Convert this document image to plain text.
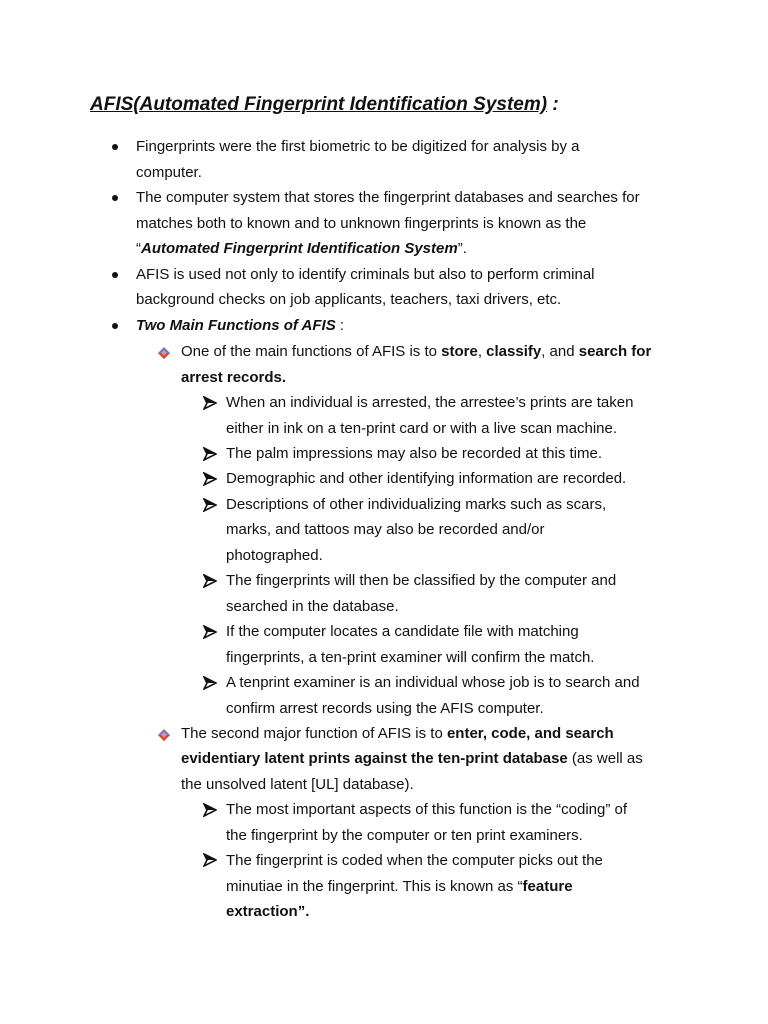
AFIS(Automated Fingerprint Identification System) :
Fingerprints were the first biometric to be digitized for analysis by a
computer.
The computer system that stores the fingerprint databases and searches for
matches both to known and to unknown fingerprints is known as the
“Automated Fingerprint Identification System”.
AFIS is used not only to identify criminals but also to perform criminal
background checks on job applicants, teachers, taxi drivers, etc.
Two Main Functions of AFIS :
One of the main functions of AFIS is to store, classify, and search for
arrest records.
When an individual is arrested, the arrestee’s prints are taken
either in ink on a ten-print card or with a live scan machine.
The palm impressions may also be recorded at this time.
Demographic and other identifying information are recorded.
Descriptions of other individualizing marks such as scars,
marks, and tattoos may also be recorded and/or
photographed.
The fingerprints will then be classified by the computer and
searched in the database.
If the computer locates a candidate file with matching
fingerprints, a ten-print examiner will confirm the match.
A tenprint examiner is an individual whose job is to search and
confirm arrest records using the AFIS computer.
The second major function of AFIS is to enter, code, and search
evidentiary latent prints against the ten-print database (as well as
the unsolved latent [UL] database).
The most important aspects of this function is the “coding” of
the fingerprint by the computer or ten print examiners.
The fingerprint is coded when the computer picks out the
minutiae in the fingerprint. This is known as “feature
extraction”.
